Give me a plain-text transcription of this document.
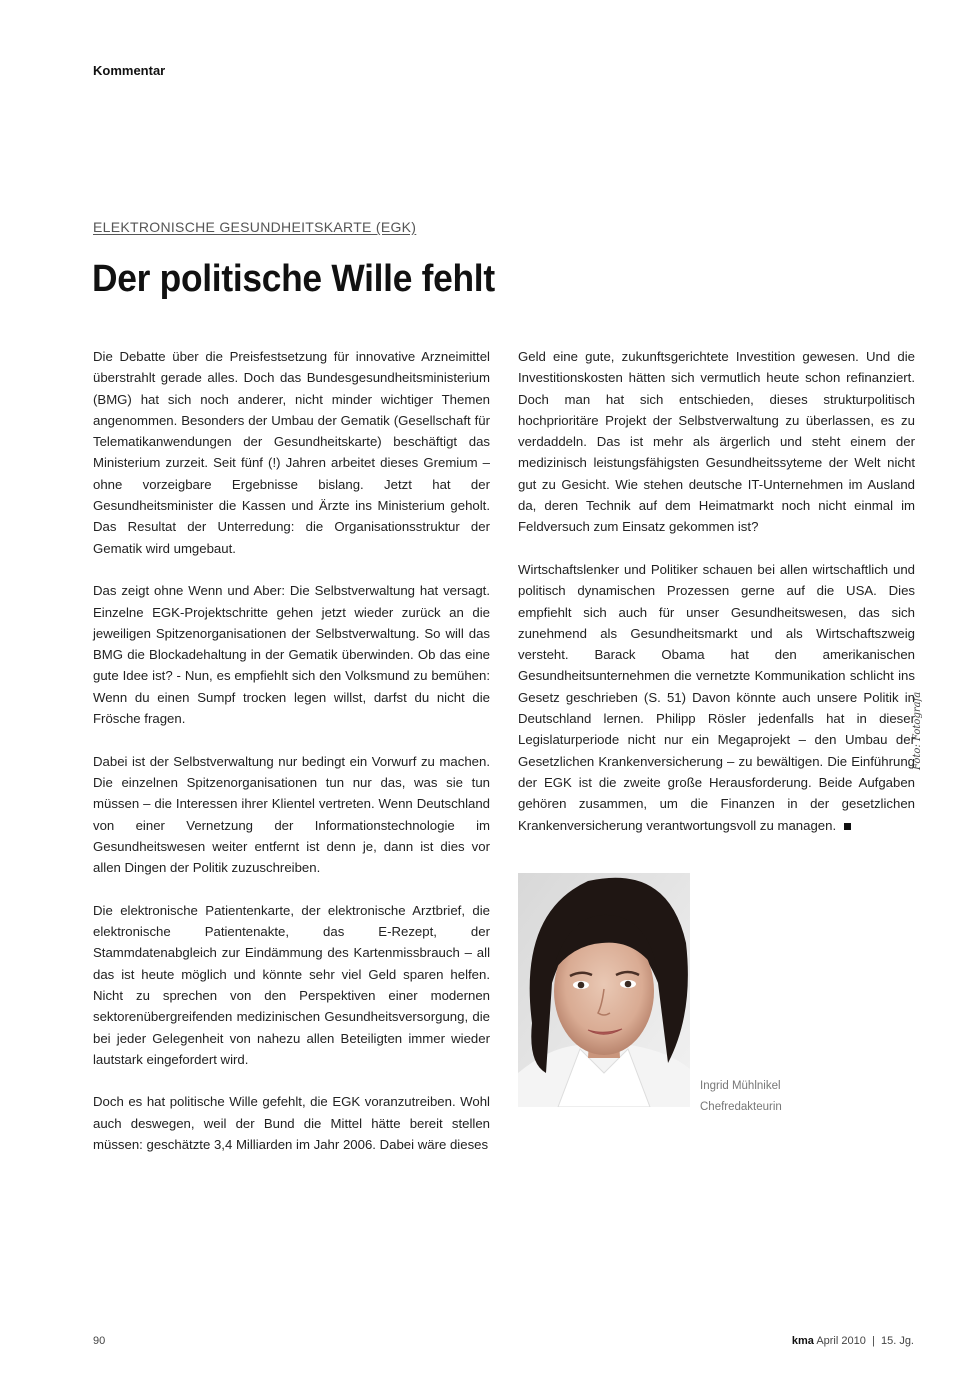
Kommentar
ELEKTRONISCHE GESUNDHEITSKARTE (EGK)
Der politische Wille fehlt

Die Debatte über die Preisfestsetzung für innovative Arzneimittel überstrahlt gerade alles. Doch das Bundesgesundheitsministerium (BMG) hat sich noch anderer, nicht minder wichtiger Themen angenommen. Besonders der Umbau der Gematik (Gesellschaft für Telematikanwendungen der Gesundheitskarte) beschäftigt das Ministerium zurzeit. Seit fünf (!) Jahren arbeitet dieses Gremium – ohne vorzeigbare Ergebnisse bislang. Jetzt hat der Gesundheitsminister die Kassen und Ärzte ins Ministerium geholt. Das Resultat der Unterredung: die Organisationsstruktur der Gematik wird umgebaut.

Das zeigt ohne Wenn und Aber: Die Selbstverwaltung hat versagt. Einzelne EGK-Projektschritte gehen jetzt wieder zurück an die jeweiligen Spitzenorganisationen der Selbstverwaltung. So will das BMG die Blockadehaltung in der Gematik überwinden. Ob das eine gute Idee ist? - Nun, es empfiehlt sich den Volksmund zu bemühen: Wenn du einen Sumpf trocken legen willst, darfst du nicht die Frösche fragen.

Dabei ist der Selbstverwaltung nur bedingt ein Vorwurf zu machen. Die einzelnen Spitzenorganisationen tun nur das, was sie tun müssen – die Interessen ihrer Klientel vertreten. Wenn Deutschland von einer Vernetzung der Informationstechnologie im Gesundheitswesen weiter entfernt ist denn je, dann ist dies vor allen Dingen der Politik zuzuschreiben.

Die elektronische Patientenkarte, der elektronische Arztbrief, die elektronische Patientenakte, das E-Rezept, der Stammdatenabgleich zur Eindämmung des Kartenmissbrauch – all das ist heute möglich und könnte sehr viel Geld sparen helfen. Nicht zu sprechen von den Perspektiven einer modernen sektorenübergreifenden medizinischen Gesundheitsversorgung, die bei jeder Gelegenheit von nahezu allen Beteiligten immer wieder lautstark eingefordert wird.

Doch es hat politische Wille gefehlt, die EGK voranzutreiben. Wohl auch deswegen, weil der Bund die Mittel hätte bereit stellen müssen: geschätzte 3,4 Milliarden im Jahr 2006. Dabei wäre dieses

Geld eine gute, zukunftsgerichtete Investition gewesen. Und die Investitionskosten hätten sich vermutlich heute schon refinanziert. Doch man hat sich entschieden, dieses strukturpolitisch hochprioritäre Projekt der Selbstverwaltung zu überlassen, es zu verdaddeln. Das ist mehr als ärgerlich und steht einem der medizinisch leistungsfähigsten Gesundheitssyteme der Welt nicht gut zu Gesicht. Wie stehen deutsche IT-Unternehmen im Ausland da, deren Technik auf dem Heimatmarkt noch nicht einmal im Feldversuch zum Einsatz gekommen ist?

Wirtschaftslenker und Politiker schauen bei allen wirtschaftlich und politisch dynamischen Prozessen gerne auf die USA. Dies empfiehlt sich auch für unser Gesundheitswesen, das sich zunehmend als Gesundheitsmarkt und als Wirtschaftszweig versteht. Barack Obama hat den amerikanischen Gesundheitsunternehmen die vernetzte Kommunikation schlicht ins Gesetz geschrieben (S. 51) Davon könnte auch unsere Politik in Deutschland lernen. Philipp Rösler jedenfalls hat in dieser Legislaturperiode nicht nur ein Megaprojekt – den Umbau der Gesetzlichen Krankenversicherung – zu bewältigen. Die Einführung der EGK ist die zweite große Herausforderung. Beide Aufgaben gehören zusammen, um die Finanzen in der gesetzlichen Krankenversicherung verantwortungsvoll zu managen.

Foto: Fotografa
Ingrid Mühlnikel
Chefredakteurin
90	kma April 2010 | 15. Jg.
